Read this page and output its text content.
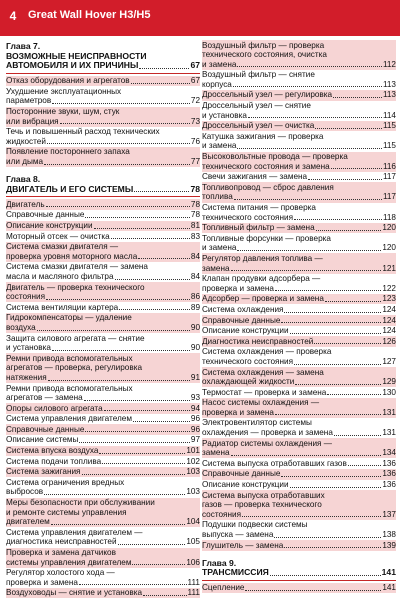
4	Great Wall Hover H3/H5
Глава 7.
ВОЗМОЖНЫЕ НЕИСПРАВНОСТИ
АВТОМОБИЛЯ И ИХ ПРИЧИНЫ	67
Отказ оборудования и агрегатов	67
Ухудшение эксплуатационных
параметров	72
Посторонние звуки, шум, стук
или вибрация	73
Течь и повышенный расход технических
жидкостей	76
Появление постороннего запаха
или дыма	77
Глава 8.
ДВИГАТЕЛЬ И ЕГО СИСТЕМЫ	78
Двигатель	78
Справочные данные	78
Описание конструкции	81
Моторный отсек — очистка	83
Система смазки двигателя —
проверка уровня моторного масла	84
Система смазки двигателя — замена
масла и масляного фильтра	84
Двигатель — проверка технического
состояния	86
Система вентиляции картера	89
Гидрокомпенсаторы — удаление
воздуха	90
Защита силового агрегата — снятие
и установка	90
Ремни привода вспомогательных
агрегатов — проверка, регулировка
натяжения	91
Ремни привода вспомогательных
агрегатов — замена	93
Опоры силового агрегата	94
Система управления двигателем	96
Справочные данные	96
Описание системы	97
Система впуска воздуха	101
Система подачи топлива	102
Система зажигания	103
Система ограничения вредных
выбросов	103
Меры безопасности при обслуживании
и ремонте системы управления
двигателем	104
Система управления двигателем —
диагностика неисправностей	105
Проверка и замена датчиков
системы управления двигателем	106
Регулятор холостого хода —
проверка и замена	111
Воздуховоды — снятие и установка	111
Воздушный фильтр — проверка
технического состояния, очистка
и замена	112
Воздушный фильтр — снятие
корпуса	113
Дроссельный узел — регулировка	113
Дроссельный узел — снятие
и установка	114
Дроссельный узел — очистка	115
Катушка зажигания — проверка
и замена	115
Высоковольтные провода — проверка
технического состояния и замена	116
Свечи зажигания — замена	117
Топливопровод — сброс давления
топлива	117
Система питания — проверка
технического состояния	118
Топливный фильтр — замена	120
Топливные форсунки — проверка
и замена	120
Регулятор давления топлива —
замена	121
Клапан продувки адсорбера —
проверка и замена	122
Адсорбер — проверка и замена	123
Система охлаждения	124
Справочные данные	124
Описание конструкции	124
Диагностика неисправностей	126
Система охлаждения — проверка
технического состояния	127
Система охлаждения — замена
охлаждающей жидкости	129
Термостат — проверка и замена	130
Насос системы охлаждения —
проверка и замена	131
Электровентилятор системы
охлаждения — проверка и замена	131
Радиатор системы охлаждения —
замена	134
Система выпуска отработавших газов	136
Справочные данные	136
Описание конструкции	136
Система выпуска отработавших
газов — проверка технического
состояния	137
Подушки подвески системы
выпуска — замена	138
Глушитель — замена	139
Глава 9.
ТРАНСМИССИЯ	141
Сцепление	141
